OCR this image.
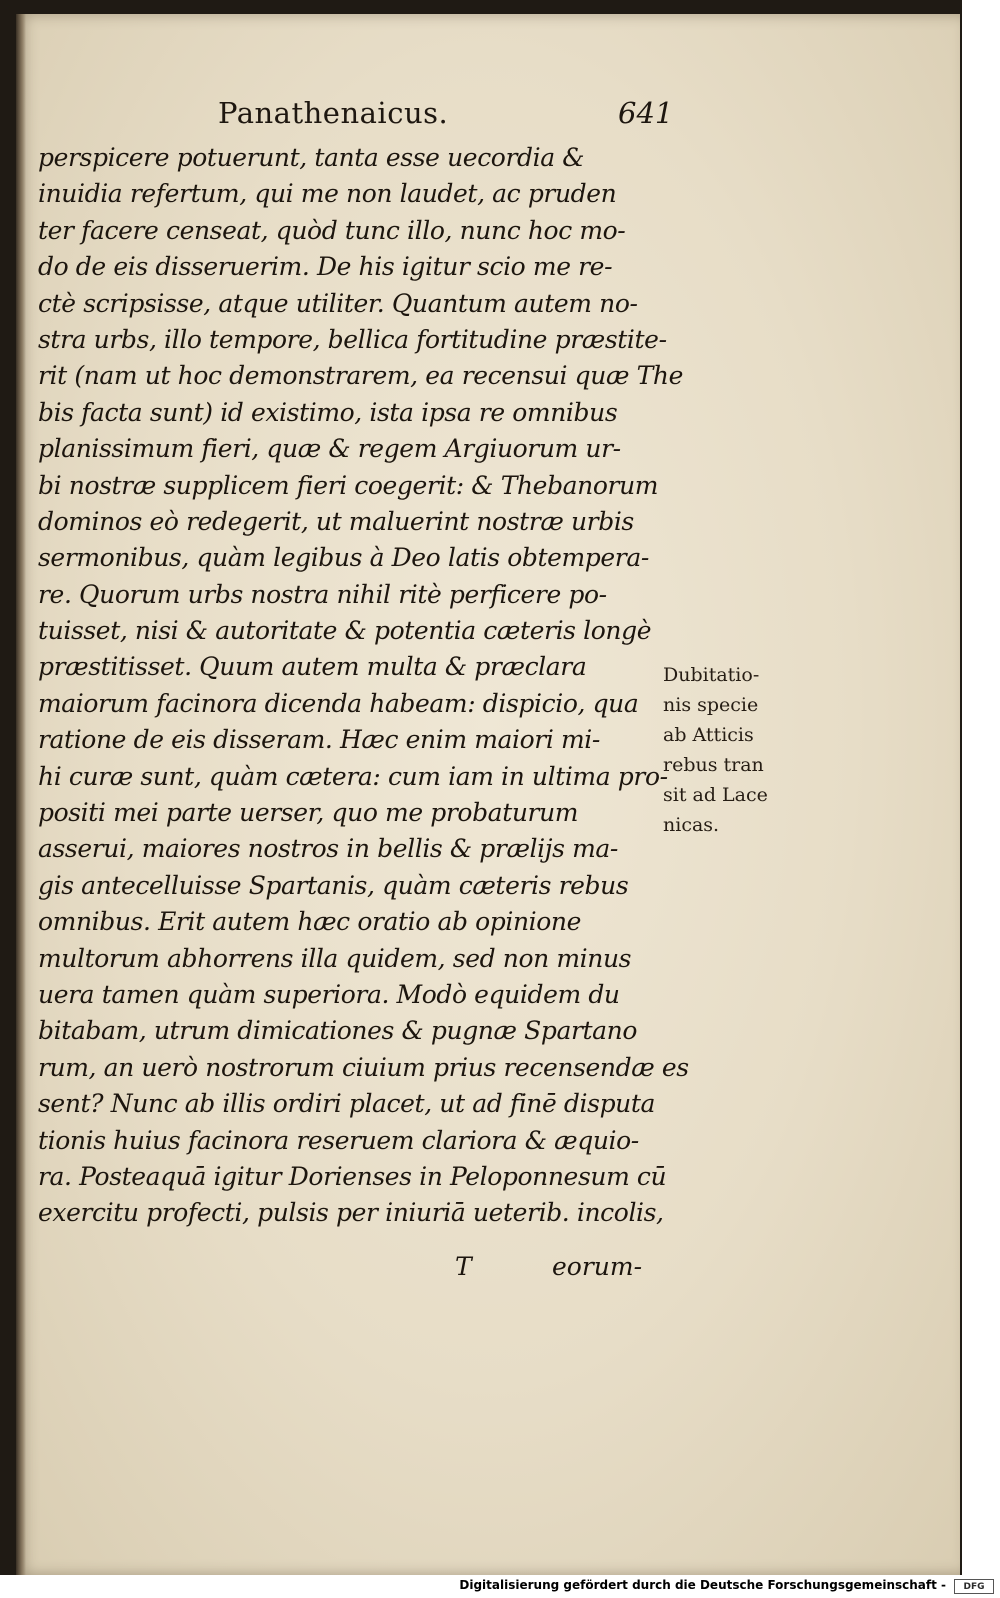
Panathenaicus.	641
perspicere potuerunt, tanta esse uecordia &
inuidia refertum, qui me non laudet, ac pruden
ter facere censeat, quòd tunc illo, nunc hoc mo-
do de eis disseruerim. De his igitur scio me re-
ctè scripsisse, atque utiliter. Quantum autem no-
stra urbs, illo tempore, bellica fortitudine præstite-
rit (nam ut hoc demonstrarem, ea recensui quæ The
bis facta sunt) id existimo, ista ipsa re omnibus
planissimum fieri, quæ & regem Argiuorum ur-
bi nostræ supplicem fieri coegerit: & Thebanorum
dominos eò redegerit, ut maluerint nostræ urbis
sermonibus, quàm legibus à Deo latis obtempera-
re. Quorum urbs nostra nihil ritè perficere po-
tuisset, nisi & autoritate & potentia cæteris longè
præstitisset. Quum autem multa & præclara
maiorum facinora dicenda habeam: dispicio, qua
ratione de eis disseram. Hæc enim maiori mi-
hi curæ sunt, quàm cætera: cum iam in ultima pro-
positi mei parte uerser, quo me probaturum
asserui, maiores nostros in bellis & prælijs ma-
gis antecelluisse Spartanis, quàm cæteris rebus
omnibus. Erit autem hæc oratio ab opinione
multorum abhorrens illa quidem, sed non minus
uera tamen quàm superiora. Modò equidem du
bitabam, utrum dimicationes & pugnæ Spartano
rum, an uerò nostrorum ciuium prius recensendæ es
sent? Nunc ab illis ordiri placet, ut ad finē disputa
tionis huius facinora reseruem clariora & æquio-
ra. Posteaquā igitur Dorienses in Peloponnesum cū
exercitu profecti, pulsis per iniuriā ueterib. incolis,
Dubitatio-
nis specie
ab Atticis
rebus tran
sit ad Lace
nicas.
T	eorum-
Digitalisierung gefördert durch die Deutsche Forschungsgemeinschaft -	DFG
